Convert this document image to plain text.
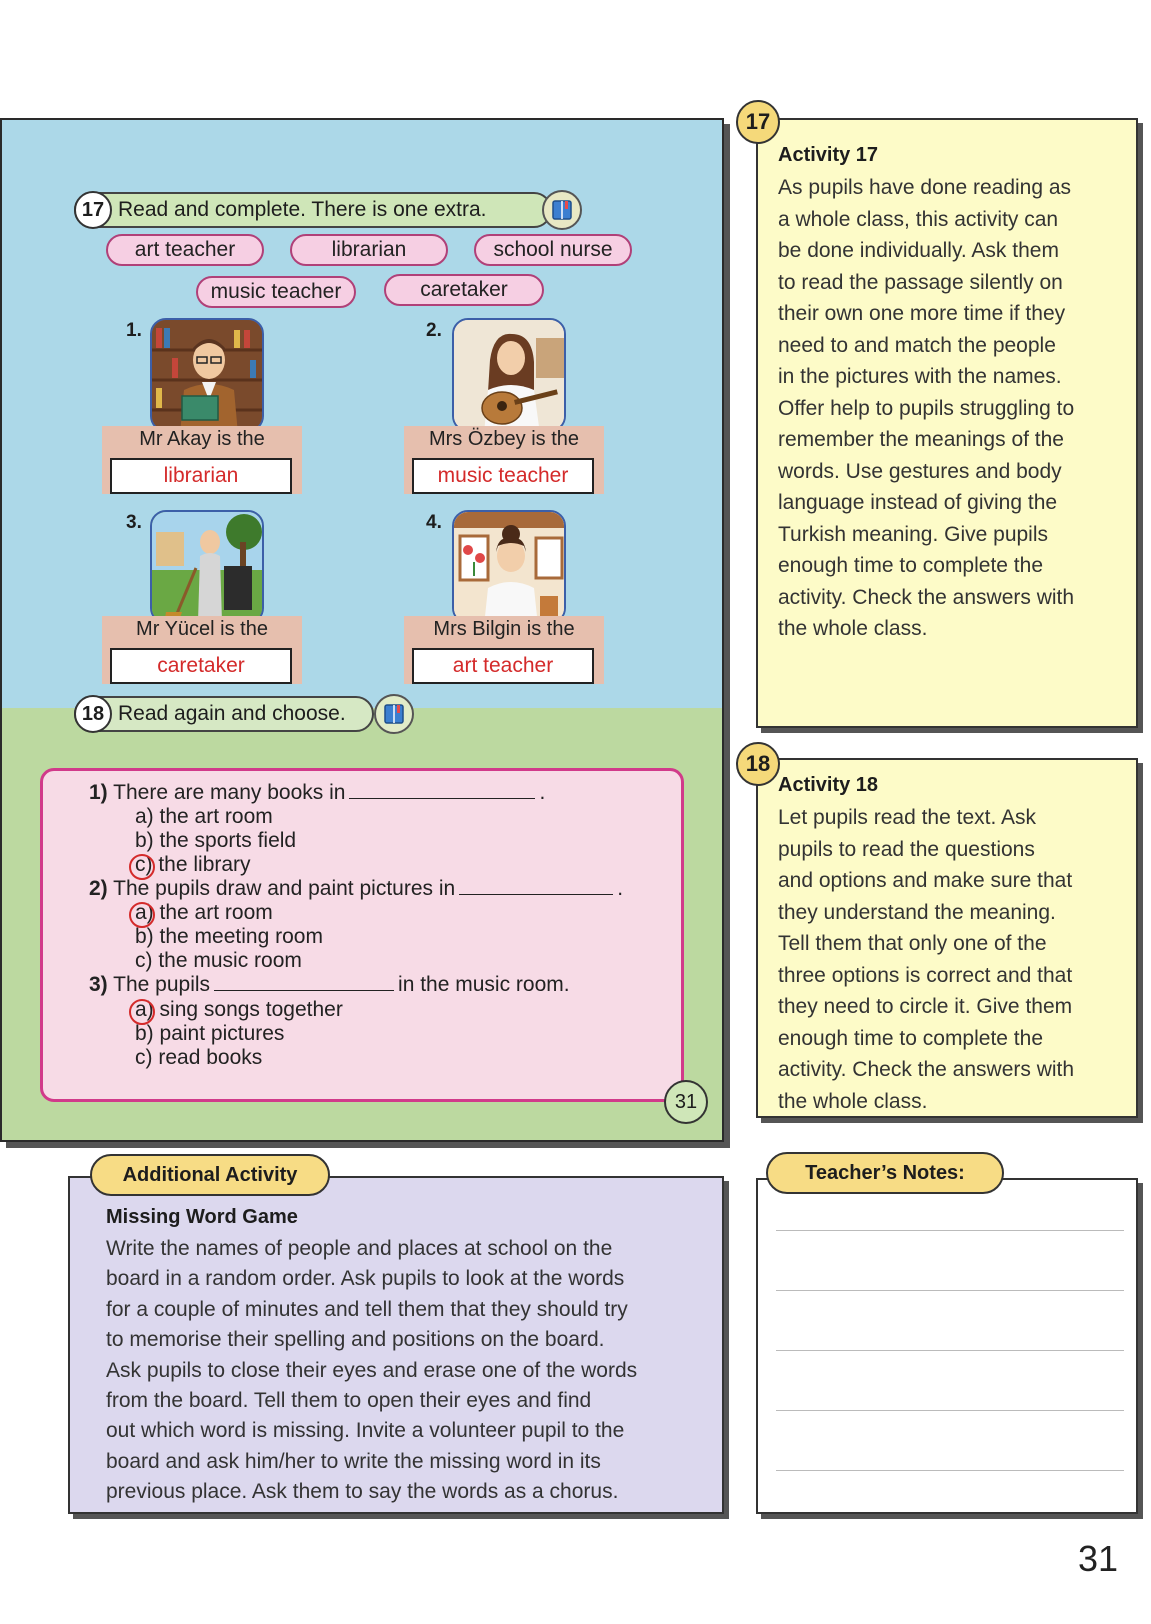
17 Read and complete. There is one extra.
art teacher	librarian	school nurse
music teacher	caretaker
1.
Mr Akay is the
librarian
2.
Mrs Özbey is the
music teacher
3.
Mr Yücel is the
caretaker
4.
Mrs Bilgin is the
art teacher
18 Read again and choose.
1) There are many books in	.
a) the art room
b) the sports field
c) the library
2) The pupils draw and paint pictures in	.
a) the art room
b) the meeting room
c) the music room
3) The pupils	in the music room.
a) sing songs together
b) paint pictures
c) read books
31
Activity 17
As pupils have done reading as
a whole class, this activity can
be done individually. Ask them
to read the passage silently on
their own one more time if they
need to and match the people
in the pictures with the names.
Offer help to pupils struggling to
remember the meanings of the
words. Use gestures and body
language instead of giving the
Turkish meaning. Give pupils
enough time to complete the
activity. Check the answers with
the whole class.
17
Activity 18
Let pupils read the text. Ask
pupils to read the questions
and options and make sure that
they understand the meaning.
Tell them that only one of the
three options is correct and that
they need to circle it. Give them
enough time to complete the
activity. Check the answers with
the whole class.
18
Missing Word Game
Write the names of people and places at school on the
board in a random order. Ask pupils to look at the words
for a couple of minutes and tell them that they should try
to memorise their spelling and positions on the board.
Ask pupils to close their eyes and erase one of the words
from the board. Tell them to open their eyes and find
out which word is missing. Invite a volunteer pupil to the
board and ask him/her to write the missing word in its
previous place. Ask them to say the words as a chorus.
Additional Activity	Teacher’s Notes:
31
